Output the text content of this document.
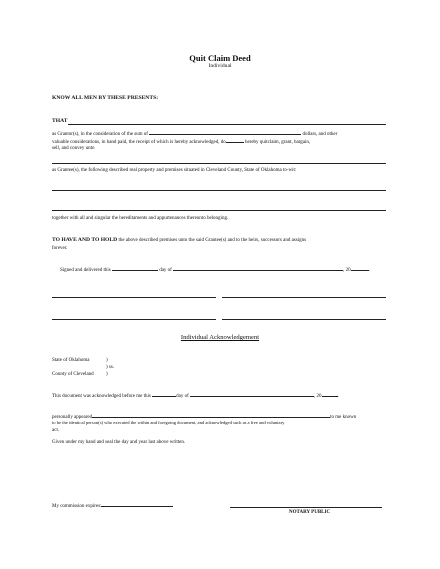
Quit Claim Deed
Individual
KNOW ALL MEN BY THESE PRESENTS:
THAT
as Grantor(s), in the consideration of the sum of	dollars, and other
valuable considerations, in hand paid, the receipt of which is hereby acknowledged, do	hereby quitclaim, grant, bargain,
sell, and convey unto
as Grantee(s), the following described real property and premises situated in Cleveland County, State of Oklahoma to-wit:
together with all and singular the hereditaments and appurtenances thereunto belonging.
TO HAVE AND TO HOLD the above described premises unto the said Grantee(s) and to the heirs, successors and assigns
forever.
Signed and delivered this	day of	, 20	.
Individual Acknowledgement
State of Oklahoma	)
) ss.
County of Cleveland )
This document was acknowledged before me this	day of	, 20	.
personally appeared	to me known
to be the identical person(s) who executed the within and foregoing document, and acknowledged such as a free and voluntary
act.
Given under my hand and seal the day and year last above written.
My commission expires:
NOTARY PUBLIC
